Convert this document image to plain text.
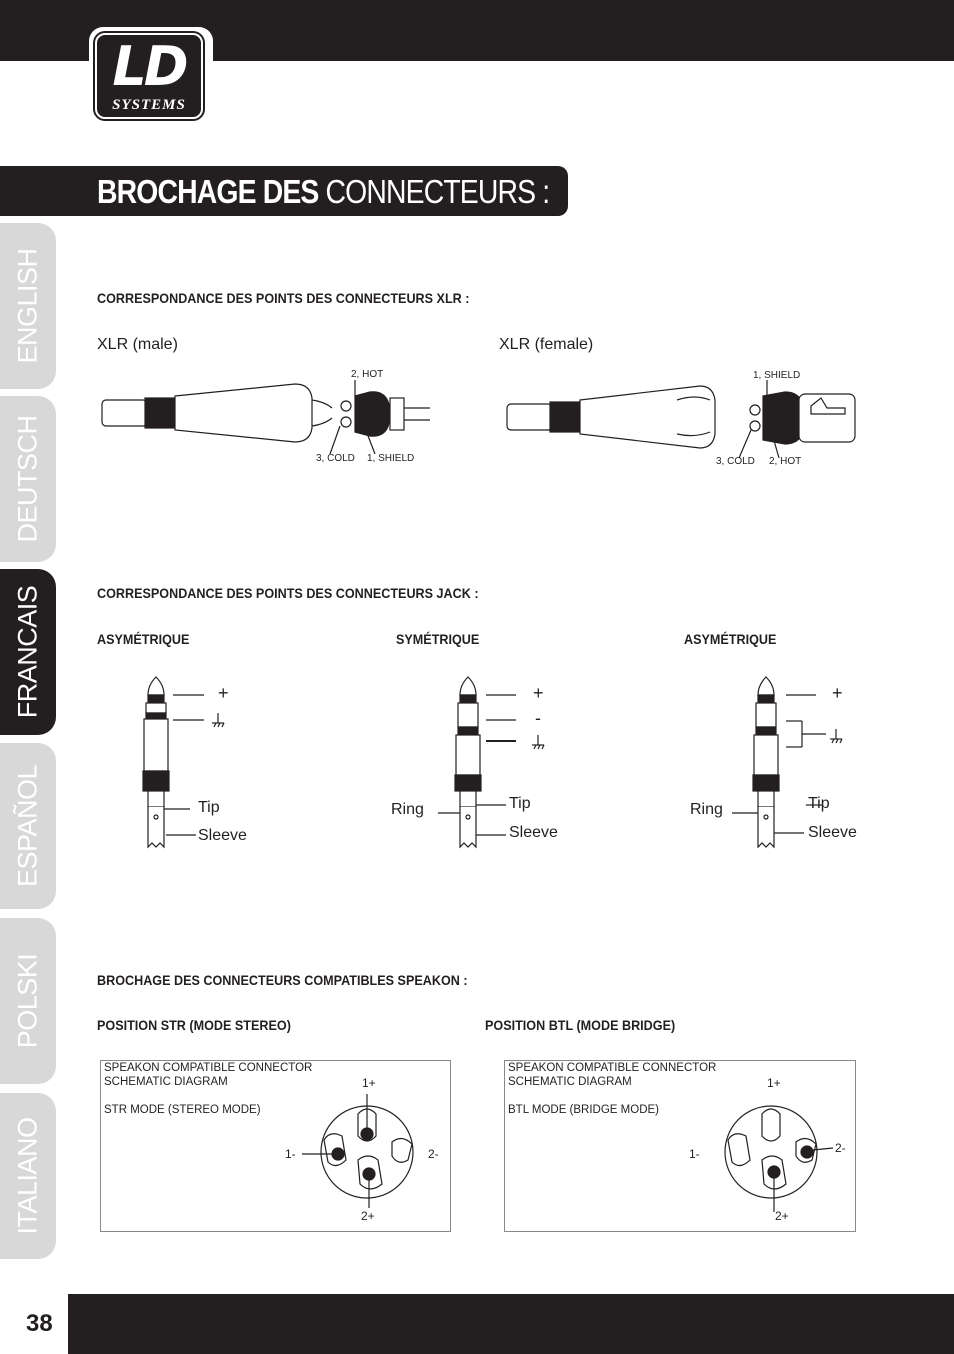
LD
SYSTEMS
BROCHAGE DES CONNECTEURS :
ENGLISH
DEUTSCH
FRANCAIS
ESPAÑOL
POLSKI
ITALIANO
CORRESPONDANCE DES POINTS DES CONNECTEURS XLR :
XLR (male)	XLR (female)
2, HOT
3, COLD 1, SHIELD
1, SHIELD
3, COLD 2, HOT
CORRESPONDANCE DES POINTS DES CONNECTEURS JACK :
ASYMÉTRIQUE	SYMÉTRIQUE	ASYMÉTRIQUE
+
Tip
Sleeve
+
-
Ring	Tip
Sleeve
+
Ring	Tip
Sleeve
BROCHAGE DES CONNECTEURS COMPATIBLES SPEAKON :
POSITION STR (MODE STEREO)	POSITION BTL (MODE BRIDGE)
SPEAKON COMPATIBLE CONNECTOR
SCHEMATIC DIAGRAM
STR MODE (STEREO MODE)
1+
1-	2-
2+
SPEAKON COMPATIBLE CONNECTOR
SCHEMATIC DIAGRAM
BTL MODE (BRIDGE MODE)
1+
1-	2-
2+
38
